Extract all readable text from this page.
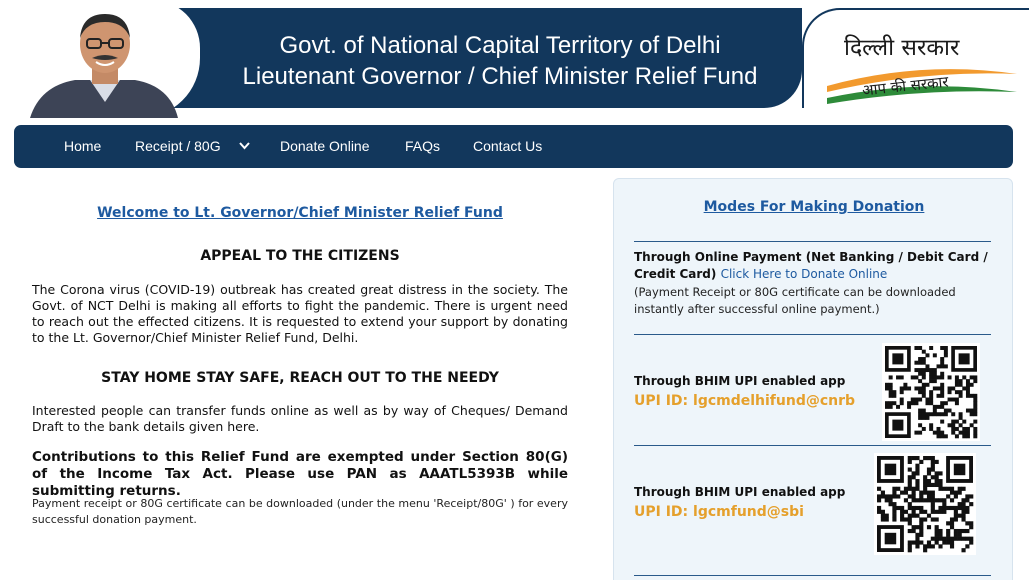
Govt. of National Capital Territory of Delhi
Lieutenant Governor / Chief Minister Relief Fund
दिल्ली सरकार
आप की सरकार
Home Receipt / 80G	Donate Online	FAQs Contact Us
Welcome to Lt. Governor/Chief Minister Relief Fund
APPEAL TO THE CITIZENS
The Corona virus (COVID-19) outbreak has created great distress in the society. The Govt. of NCT Delhi is making all efforts to fight the pandemic. There is urgent need to reach out the effected citizens. It is requested to extend your support by donating to the Lt. Governor/Chief Minister Relief Fund, Delhi.
STAY HOME STAY SAFE, REACH OUT TO THE NEEDY
Interested people can transfer funds online as well as by way of Cheques/ Demand Draft to the bank details given here.
Contributions to this Relief Fund are exempted under Section 80(G) of the Income Tax Act. Please use PAN as AAATL5393B while submitting returns.
Payment receipt or 80G certificate can be downloaded (under the menu 'Receipt/80G' ) for every successful donation payment.
Modes For Making Donation
Through Online Payment (Net Banking / Debit Card / Credit Card) Click Here to Donate Online
(Payment Receipt or 80G certificate can be downloaded instantly after successful online payment.)
Through BHIM UPI enabled app
UPI ID: lgcmdelhifund@cnrb
Through BHIM UPI enabled app
UPI ID: lgcmfund@sbi
